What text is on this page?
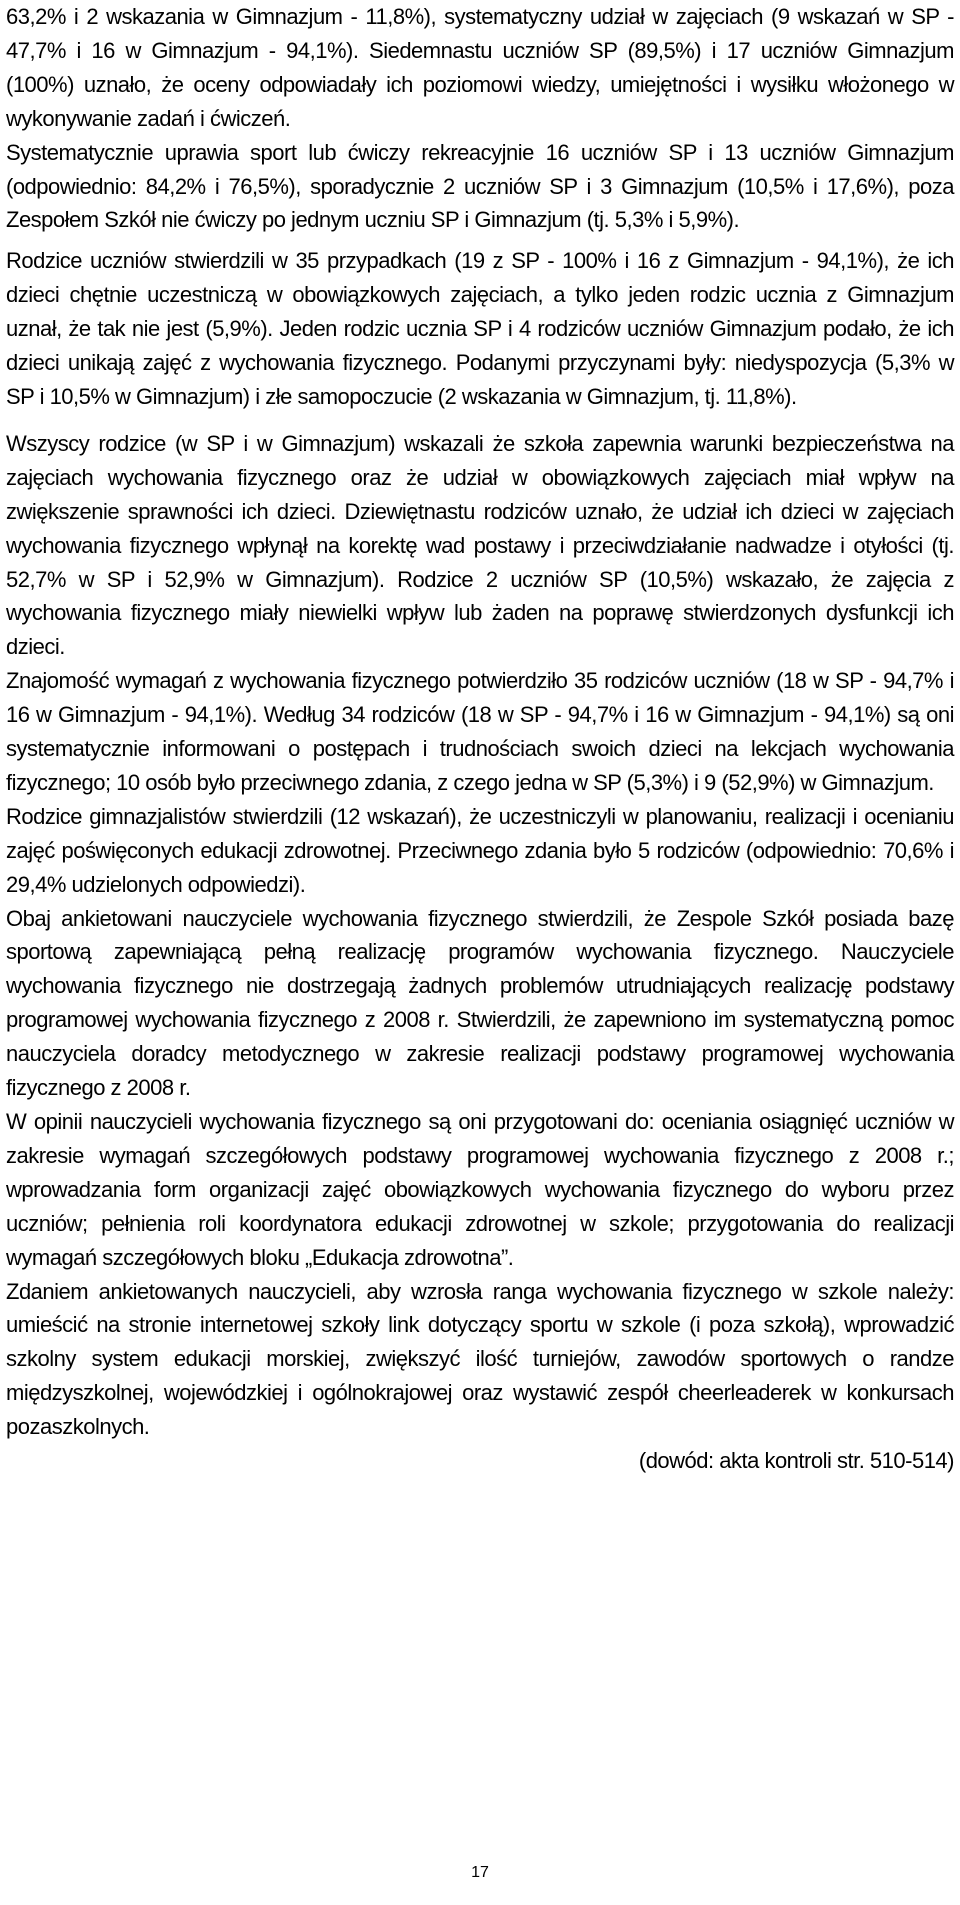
63,2% i 2 wskazania w Gimnazjum - 11,8%), systematyczny udział w zajęciach (9 wskazań w SP - 47,7% i 16 w Gimnazjum - 94,1%). Siedemnastu uczniów SP (89,5%) i 17 uczniów Gimnazjum (100%) uznało, że oceny odpowiadały ich poziomowi wiedzy, umiejętności i wysiłku włożonego w wykonywanie zadań i ćwiczeń.

Systematycznie uprawia sport lub ćwiczy rekreacyjnie 16 uczniów SP i 13 uczniów Gimnazjum (odpowiednio: 84,2% i 76,5%), sporadycznie 2 uczniów SP i 3 Gimnazjum (10,5% i 17,6%), poza Zespołem Szkół nie ćwiczy po jednym uczniu SP i Gimnazjum (tj. 5,3% i 5,9%).

Rodzice uczniów stwierdzili w 35 przypadkach (19 z SP - 100% i 16 z Gimnazjum - 94,1%), że ich dzieci chętnie uczestniczą w obowiązkowych zajęciach, a tylko jeden rodzic ucznia z Gimnazjum uznał, że tak nie jest (5,9%). Jeden rodzic ucznia SP i 4 rodziców uczniów Gimnazjum podało, że ich dzieci unikają zajęć z wychowania fizycznego. Podanymi przyczynami były: niedyspozycja (5,3% w SP i 10,5% w Gimnazjum) i złe samopoczucie (2 wskazania w Gimnazjum, tj. 11,8%).

Wszyscy rodzice (w SP i w Gimnazjum) wskazali że szkoła zapewnia warunki bezpieczeństwa na zajęciach wychowania fizycznego oraz że udział w obowiązkowych zajęciach miał wpływ na zwiększenie sprawności ich dzieci. Dziewiętnastu rodziców uznało, że udział ich dzieci w zajęciach wychowania fizycznego wpłynął na korektę wad postawy i przeciwdziałanie nadwadze i otyłości (tj. 52,7% w SP i 52,9% w Gimnazjum). Rodzice 2 uczniów SP (10,5%) wskazało, że zajęcia z wychowania fizycznego miały niewielki wpływ lub żaden na poprawę stwierdzonych dysfunkcji ich dzieci.

Znajomość wymagań z wychowania fizycznego potwierdziło 35 rodziców uczniów (18 w SP - 94,7% i 16 w Gimnazjum - 94,1%). Według 34 rodziców (18 w SP - 94,7% i 16 w Gimnazjum - 94,1%) są oni systematycznie informowani o postępach i trudnościach swoich dzieci na lekcjach wychowania fizycznego; 10 osób było przeciwnego zdania, z czego jedna w SP (5,3%) i 9 (52,9%) w Gimnazjum.

Rodzice gimnazjalistów stwierdzili (12 wskazań), że uczestniczyli w planowaniu, realizacji i ocenianiu zajęć poświęconych edukacji zdrowotnej. Przeciwnego zdania było 5 rodziców (odpowiednio: 70,6% i 29,4% udzielonych odpowiedzi).

Obaj ankietowani nauczyciele wychowania fizycznego stwierdzili, że Zespole Szkół posiada bazę sportową zapewniającą pełną realizację programów wychowania fizycznego. Nauczyciele wychowania fizycznego nie dostrzegają żadnych problemów utrudniających realizację podstawy programowej wychowania fizycznego z 2008 r. Stwierdzili, że zapewniono im systematyczną pomoc nauczyciela doradcy metodycznego w zakresie realizacji podstawy programowej wychowania fizycznego z 2008 r.

W opinii nauczycieli wychowania fizycznego są oni przygotowani do: oceniania osiągnięć uczniów w zakresie wymagań szczegółowych podstawy programowej wychowania fizycznego z 2008 r.; wprowadzania form organizacji zajęć obowiązkowych wychowania fizycznego do wyboru przez uczniów; pełnienia roli koordynatora edukacji zdrowotnej w szkole; przygotowania do realizacji wymagań szczegółowych bloku „Edukacja zdrowotna”.

Zdaniem ankietowanych nauczycieli, aby wzrosła ranga wychowania fizycznego w szkole należy: umieścić na stronie internetowej szkoły link dotyczący sportu w szkole (i poza szkołą), wprowadzić szkolny system edukacji morskiej, zwiększyć ilość turniejów, zawodów sportowych o randze międzyszkolnej, wojewódzkiej i ogólnokrajowej oraz wystawić zespół cheerleaderek w konkursach pozaszkolnych.

(dowód: akta kontroli str. 510-514)

17
